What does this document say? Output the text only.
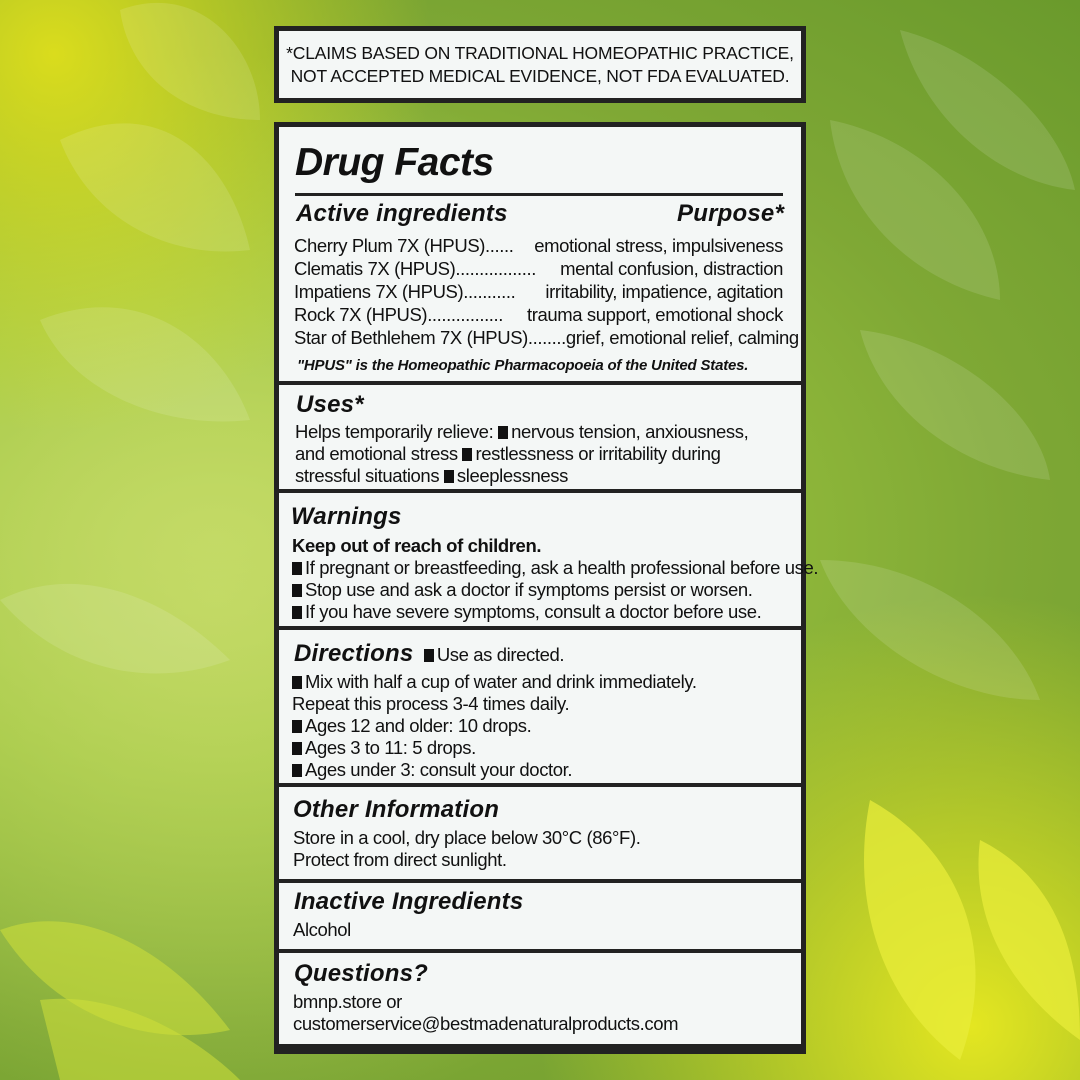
*CLAIMS BASED ON TRADITIONAL HOMEOPATHIC PRACTICE,
NOT ACCEPTED MEDICAL EVIDENCE, NOT FDA EVALUATED.
Drug Facts
Active ingredients	Purpose*
Cherry Plum 7X (HPUS)...... emotional stress, impulsiveness
Clematis 7X (HPUS)................. mental confusion, distraction
Impatiens 7X (HPUS)........... irritability, impatience, agitation
Rock 7X (HPUS)................ trauma support, emotional shock
Star of Bethlehem 7X (HPUS)........ grief, emotional relief, calming
"HPUS" is the Homeopathic Pharmacopoeia of the United States.
Uses*
Helps temporarily relieve: nervous tension, anxiousness,
and emotional stress restlessness or irritability during
stressful situations sleeplessness
Warnings
Keep out of reach of children.
If pregnant or breastfeeding, ask a health professional before use.
Stop use and ask a doctor if symptoms persist or worsen.
If you have severe symptoms, consult a doctor before use.
Directions Use as directed.
Mix with half a cup of water and drink immediately.
Repeat this process 3-4 times daily.
Ages 12 and older: 10 drops.
Ages 3 to 11: 5 drops.
Ages under 3: consult your doctor.
Other Information
Store in a cool, dry place below 30°C (86°F).
Protect from direct sunlight.
Inactive Ingredients
Alcohol
Questions?
bmnp.store or
customerservice@bestmadenaturalproducts.com
